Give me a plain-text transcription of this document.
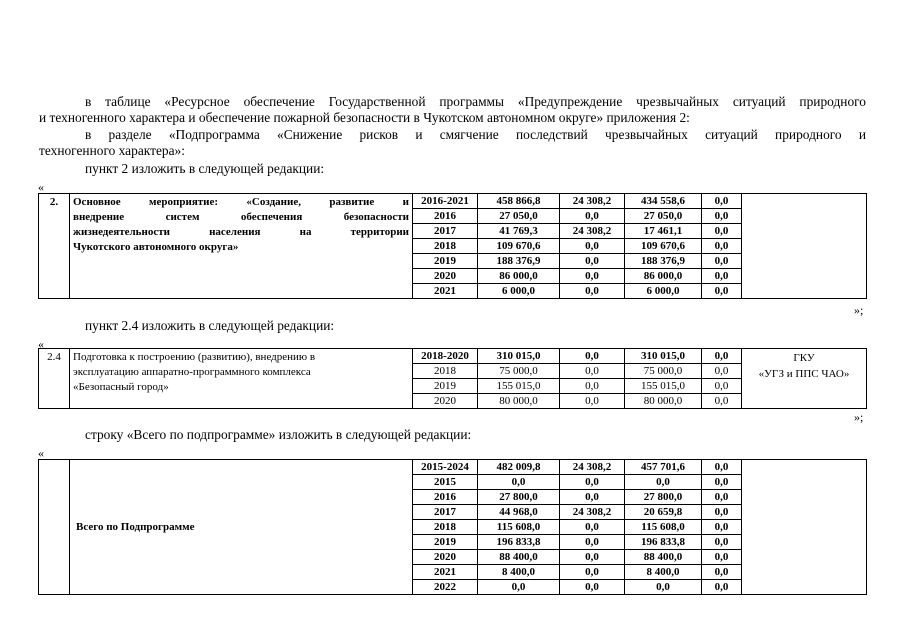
в таблице «Ресурсное обеспечение Государственной программы «Предупреждение чрезвычайных ситуаций природного
и техногенного характера и обеспечение пожарной безопасности в Чукотском автономном округе» приложения 2:
в разделе «Подпрограмма «Снижение рисков и смягчение последствий чрезвычайных ситуаций природного и
техногенного характера»:
пункт 2 изложить в следующей редакции:
«
2.	Основное мероприятие: «Создание, развитие и
внедрение систем обеспечения безопасности
жизнедеятельности населения на территории
Чукотского автономного округа»	2016-2021	458 866,8	24 308,2	434 558,6	0,0	
		2016	27 050,0	0,0	27 050,0	0,0	
		2017	41 769,3	24 308,2	17 461,1	0,0	
		2018	109 670,6	0,0	109 670,6	0,0	
		2019	188 376,9	0,0	188 376,9	0,0	
		2020	86 000,0	0,0	86 000,0	0,0	
		2021	6 000,0	0,0	6 000,0	0,0	
»;
пункт 2.4 изложить в следующей редакции:
«
2.4	Подготовка к построению (развитию), внедрению в
эксплуатацию аппаратно-программного комплекса
«Безопасный город»	2018-2020	310 015,0	0,0	310 015,0	0,0	ГКУ
«УГЗ и ППС ЧАО»

		2018	75 000,0	0,0	75 000,0	0,0	
		2019	155 015,0	0,0	155 015,0	0,0	
		2020	80 000,0	0,0	80 000,0	0,0	
»;
строку «Всего по подпрограмме» изложить в следующей редакции:
«
	Всего по Подпрограмме	2015-2024	482 009,8	24 308,2	457 701,6	0,0	
		2015	0,0	0,0	0,0	0,0	
		2016	27 800,0	0,0	27 800,0	0,0	
		2017	44 968,0	24 308,2	20 659,8	0,0	
		2018	115 608,0	0,0	115 608,0	0,0	
		2019	196 833,8	0,0	196 833,8	0,0	
		2020	88 400,0	0,0	88 400,0	0,0	
		2021	8 400,0	0,0	8 400,0	0,0	
		2022	0,0	0,0	0,0	0,0	
